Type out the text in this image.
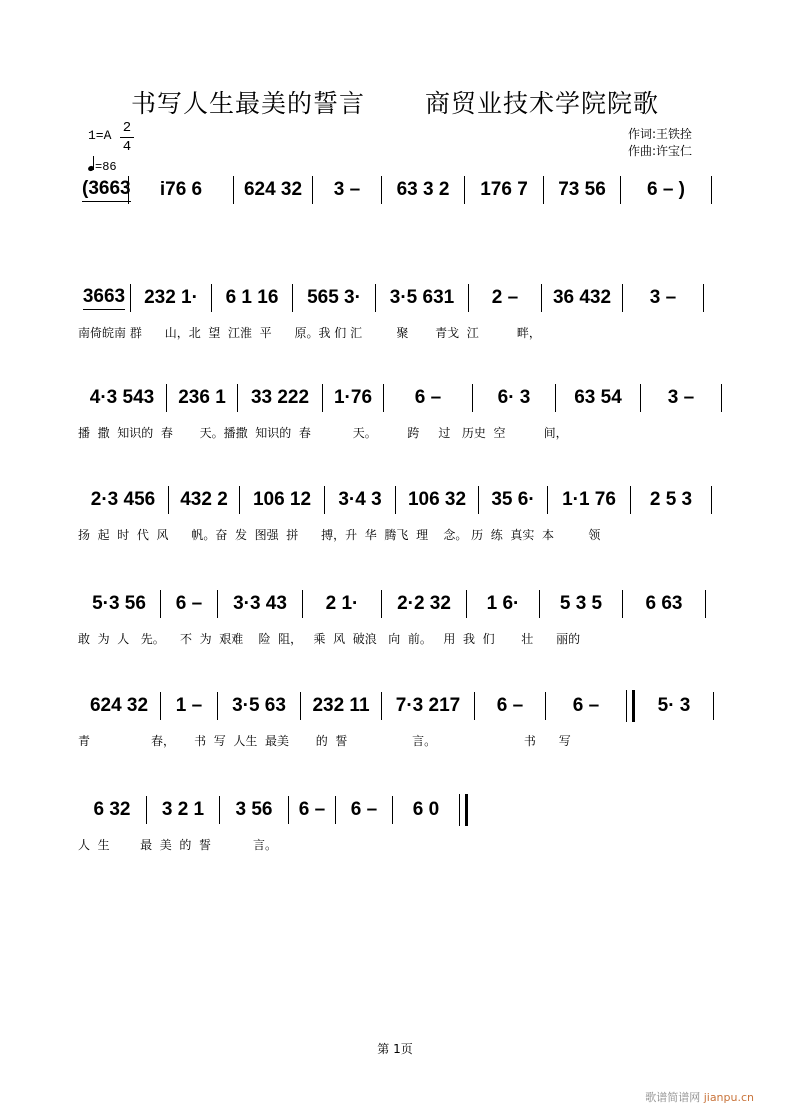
书写人生最美的誓言 商贸业技术学院院歌
1=A 2
4
=86
作词:王铁拴
作曲:许宝仁
(3663 i76 6 624 32 3 – 63 3 2 176 7 73 56 6 – )
3663 232 1· 6 1 16 565 3· 3·5 631 2 – 36 432 3 –
南倚皖南 群      山，北  望  江淮  平      原。我 们 汇         聚       青戈  江          畔，
4·3 543 236 1 33 222 1·76 6 –	6· 3 63 54 3 –
播  撒  知识的  春       天。播撒  知识的  春           天。        跨     过   历史  空          间，
2·3 456 432 2 106 12 3·4 3 106 32 35 6· 1·1 76 2 5 3
扬  起  时  代  风      帆。奋  发  图强  拼      搏，升  华  腾飞  理    念。 历  练  真实  本         领
5·3 56 6 – 3·3 43 2 1· 2·2 32 1 6· 5 3 5 6 63
敢  为  人   先。    不  为  艰难    险  阻，   乘  风  破浪   向  前。   用  我  们       壮      丽的
624 32 1 – 3·5 63 232 11 7·3 217 6 –	6 –	5· 3
青                春，     书  写  人生  最美       的  誓                 言。                       书      写
6 32 3 2 1 3 56 6 – 6 – 6 0
人  生        最  美  的  誓           言。
第 1页
歌谱简谱网 jianpu.cn
